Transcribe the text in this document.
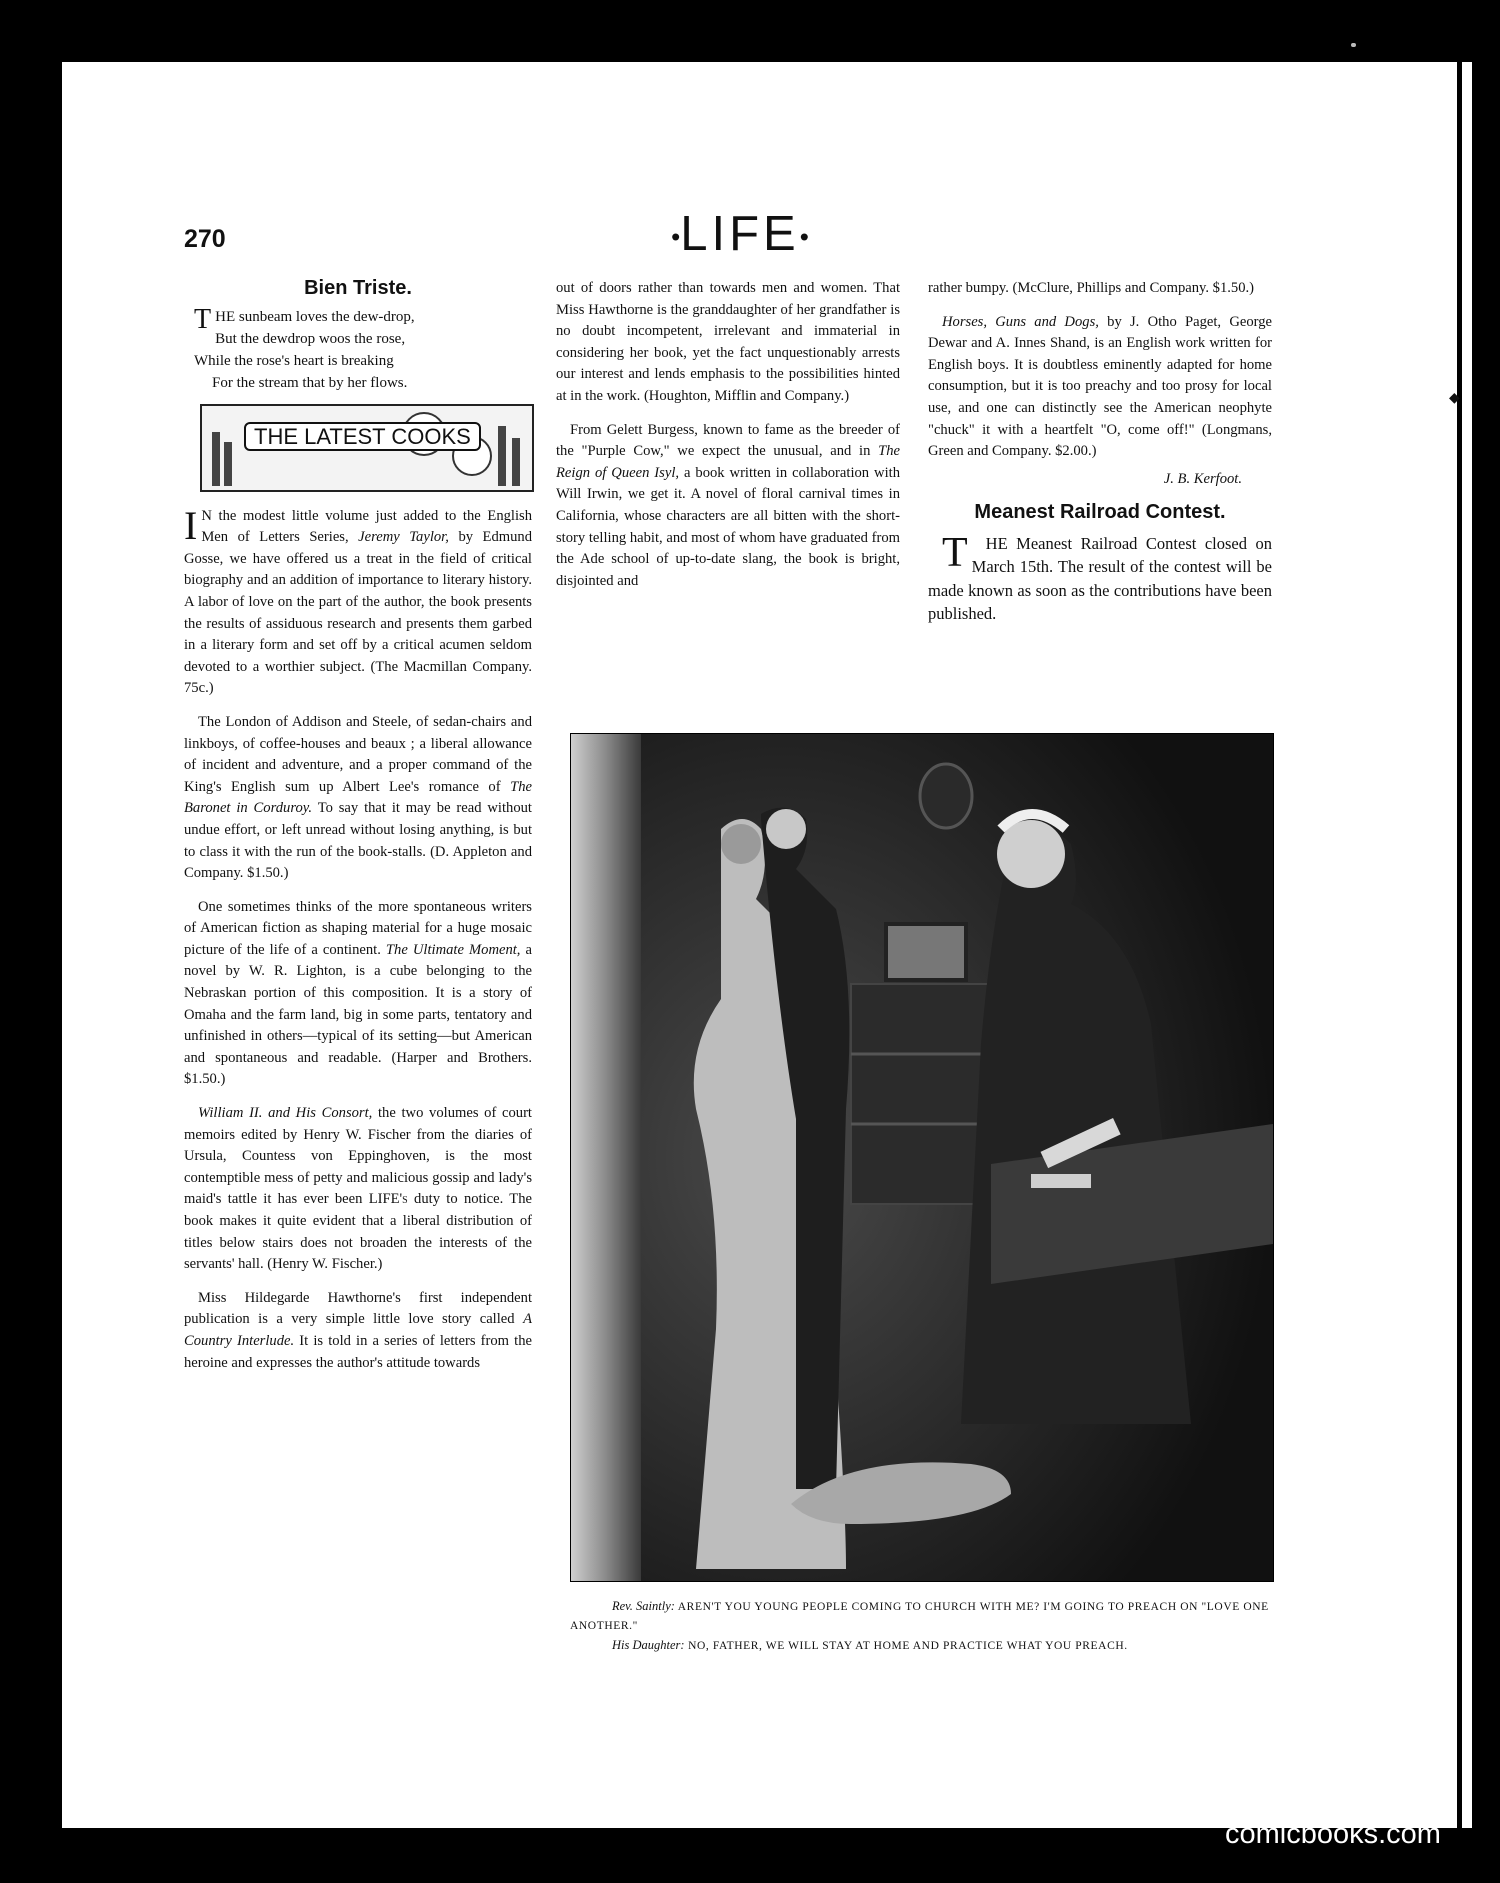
◆
270	•LIFE•
Bien Triste.
THE sunbeam loves the dew-drop,
But the dewdrop woos the rose,
While the rose's heart is breaking
For the stream that by her flows.
THE LATEST COOKS

I N the modest little volume just added to the English Men of Letters Series, Jeremy Taylor, by Edmund Gosse, we have offered us a treat in the field of critical biography and an addition of importance to literary history. A labor of love on the part of the author, the book presents the results of assiduous research and presents them garbed in a literary form and set off by a critical acumen seldom devoted to a worthier subject. (The Macmillan Company. 75c.)

The London of Addison and Steele, of sedan-chairs and linkboys, of coffee-houses and beaux ; a liberal allowance of incident and adventure, and a proper command of the King's English sum up Albert Lee's romance of The Baronet in Corduroy. To say that it may be read without undue effort, or left unread without losing anything, is but to class it with the run of the book-stalls. (D. Appleton and Company. $1.50.)

One sometimes thinks of the more spontaneous writers of American fiction as shaping material for a huge mosaic picture of the life of a continent. The Ultimate Moment, a novel by W. R. Lighton, is a cube belonging to the Nebraskan portion of this composition. It is a story of Omaha and the farm land, big in some parts, tentatory and unfinished in others—typical of its setting—but American and spontaneous and readable. (Harper and Brothers. $1.50.)

William II. and His Consort, the two volumes of court memoirs edited by Henry W. Fischer from the diaries of Ursula, Countess von Eppinghoven, is the most contemptible mess of petty and malicious gossip and lady's maid's tattle it has ever been LIFE's duty to notice. The book makes it quite evident that a liberal distribution of titles below stairs does not broaden the interests of the servants' hall. (Henry W. Fischer.)

Miss Hildegarde Hawthorne's first independent publication is a very simple little love story called A Country Interlude. It is told in a series of letters from the heroine and expresses the author's attitude towards

out of doors rather than towards men and women. That Miss Hawthorne is the granddaughter of her grandfather is no doubt incompetent, irrelevant and immaterial in considering her book, yet the fact unquestionably arrests our interest and lends emphasis to the possibilities hinted at in the work. (Houghton, Mifflin and Company.)

From Gelett Burgess, known to fame as the breeder of the "Purple Cow," we expect the unusual, and in The Reign of Queen Isyl, a book written in collaboration with Will Irwin, we get it. A novel of floral carnival times in California, whose characters are all bitten with the short-story telling habit, and most of whom have graduated from the Ade school of up-to-date slang, the book is bright, disjointed and

rather bumpy. (McClure, Phillips and Company. $1.50.)

Horses, Guns and Dogs, by J. Otho Paget, George Dewar and A. Innes Shand, is an English work written for English boys. It is doubtless eminently adapted for home consumption, but it is too preachy and too prosy for local use, and one can distinctly see the American neophyte "chuck" it with a heartfelt "O, come off!" (Longmans, Green and Company. $2.00.)

J. B. Kerfoot.
Meanest Railroad Contest.

T HE Meanest Railroad Contest closed on March 15th. The result of the contest will be made known as soon as the contributions have been published.

Rev. Saintly: AREN'T YOU YOUNG PEOPLE COMING TO CHURCH WITH ME? I'M GOING TO PREACH ON "LOVE ONE ANOTHER."
His Daughter: NO, FATHER, WE WILL STAY AT HOME AND PRACTICE WHAT YOU PREACH.
comicbooks.com
